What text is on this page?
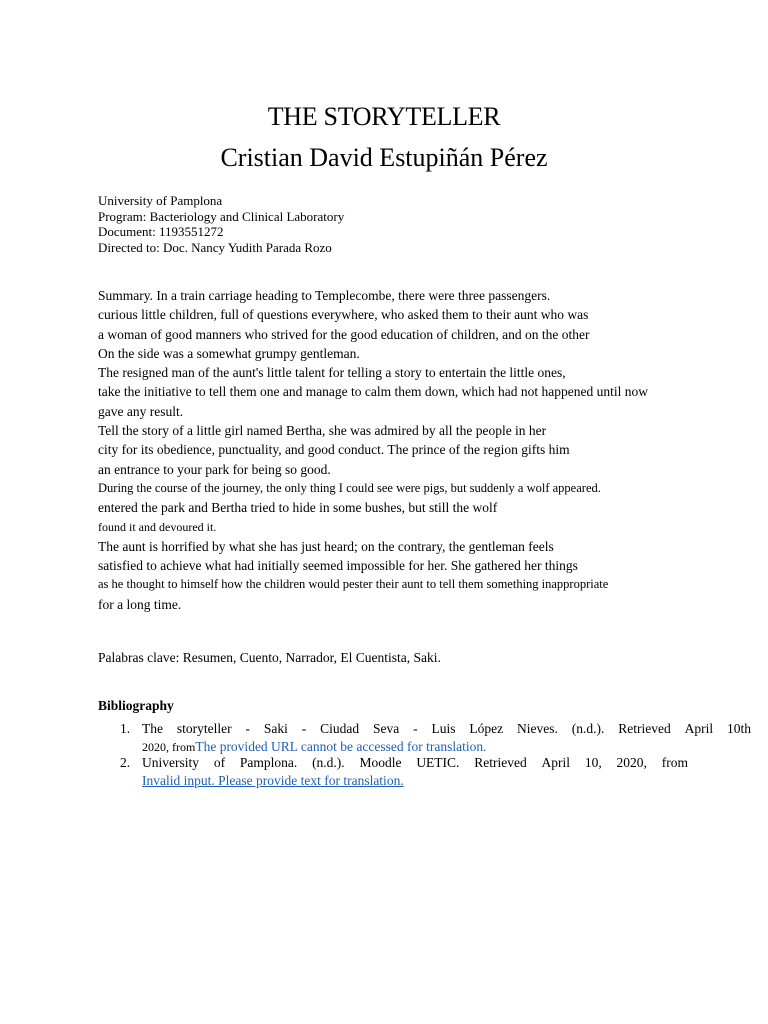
THE STORYTELLER
Cristian David Estupiñán Pérez
University of Pamplona
Program: Bacteriology and Clinical Laboratory
Document: 1193551272
Directed to: Doc. Nancy Yudith Parada Rozo
Summary. In a train carriage heading to Templecombe, there were three passengers.
curious little children, full of questions everywhere, who asked them to their aunt who was
a woman of good manners who strived for the good education of children, and on the other
On the side was a somewhat grumpy gentleman.
The resigned man of the aunt's little talent for telling a story to entertain the little ones,
take the initiative to tell them one and manage to calm them down, which had not happened until now
gave any result.
Tell the story of a little girl named Bertha, she was admired by all the people in her
city for its obedience, punctuality, and good conduct. The prince of the region gifts him
an entrance to your park for being so good.
During the course of the journey, the only thing I could see were pigs, but suddenly a wolf appeared.
entered the park and Bertha tried to hide in some bushes, but still the wolf
found it and devoured it.
The aunt is horrified by what she has just heard; on the contrary, the gentleman feels
satisfied to achieve what had initially seemed impossible for her. She gathered her things
as he thought to himself how the children would pester their aunt to tell them something inappropriate
for a long time.
Palabras clave: Resumen, Cuento, Narrador, El Cuentista, Saki.
Bibliography
1. The storyteller - Saki - Ciudad Seva - Luis López Nieves. (n.d.). Retrieved April 10th
2020, fromThe provided URL cannot be accessed for translation.
2. University of Pamplona. (n.d.). Moodle UETIC. Retrieved April 10, 2020, from
Invalid input. Please provide text for translation.
